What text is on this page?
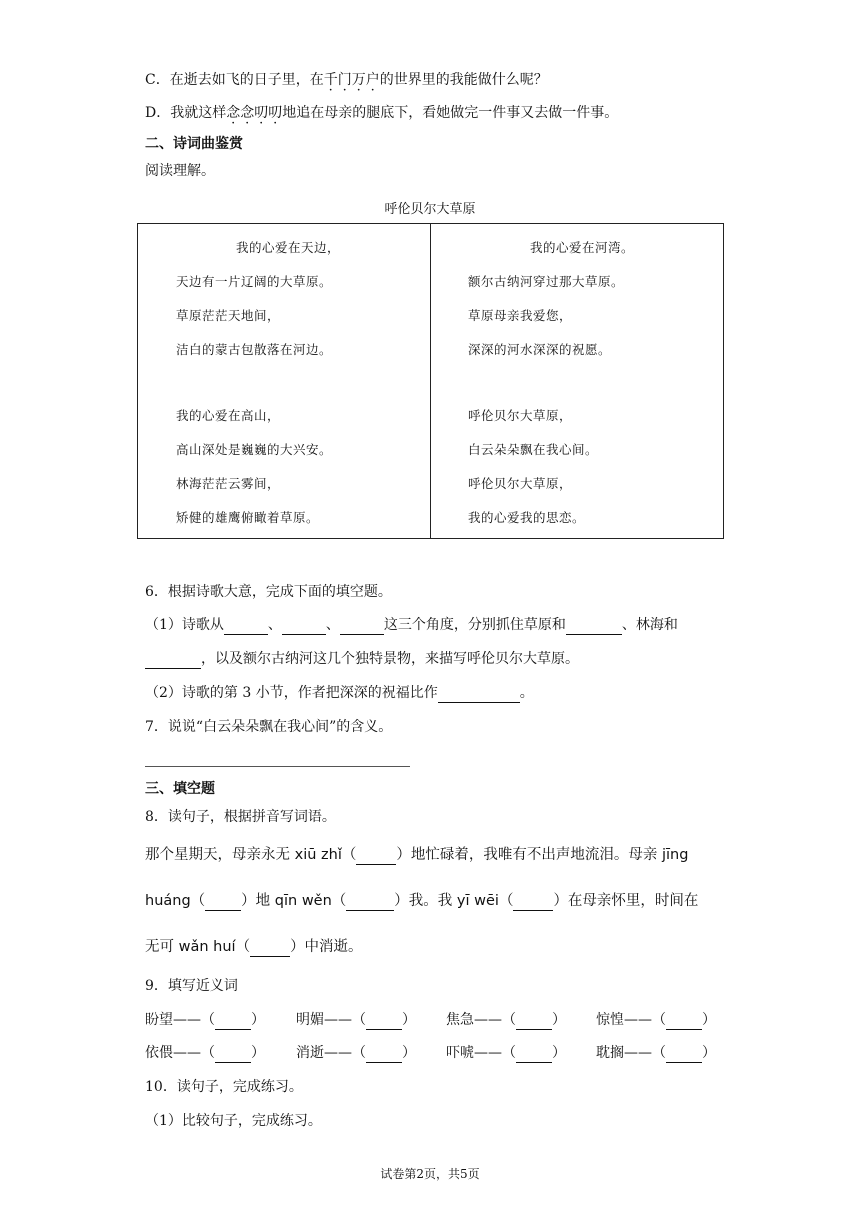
C．在逝去如飞的日子里，在千门万户的世界里的我能做什么呢？
D．我就这样念念叨叨地追在母亲的腿底下，看她做完一件事又去做一件事。
二、诗词曲鉴赏
阅读理解。
呼伦贝尔大草原
我的心爱在天边，
天边有一片辽阔的大草原。
草原茫茫天地间，
洁白的蒙古包散落在河边。
我的心爱在高山，
高山深处是巍巍的大兴安。
林海茫茫云雾间，
矫健的雄鹰俯瞰着草原。

我的心爱在河湾。
额尔古纳河穿过那大草原。
草原母亲我爱您，
深深的河水深深的祝愿。
呼伦贝尔大草原，
白云朵朵飘在我心间。
呼伦贝尔大草原，
我的心爱我的思恋。
6．根据诗歌大意，完成下面的填空题。
（1）诗歌从	、	、	这三个角度，分别抓住草原和	、林海和
，以及额尔古纳河这几个独特景物，来描写呼伦贝尔大草原。
（2）诗歌的第 3 小节，作者把深深的祝福比作	。
7．说说“白云朵朵飘在我心间”的含义。
三、填空题
8．读句子，根据拼音写词语。
那个星期天，母亲永无 xiū zhǐ（	）地忙碌着，我唯有不出声地流泪。母亲 jīng
huáng（ ）地 qīn wěn（	）我。我 yī wēi（	）在母亲怀里，时间在
无可 wǎn huí（	）中消逝。
9．填写近义词
盼望——（	） 明媚——（	） 焦急——（	） 惊惶——（	）
依偎——（	） 消逝——（	） 吓唬——（	） 耽搁——（	）
10．读句子，完成练习。
（1）比较句子，完成练习。
试卷第2页，共5页
